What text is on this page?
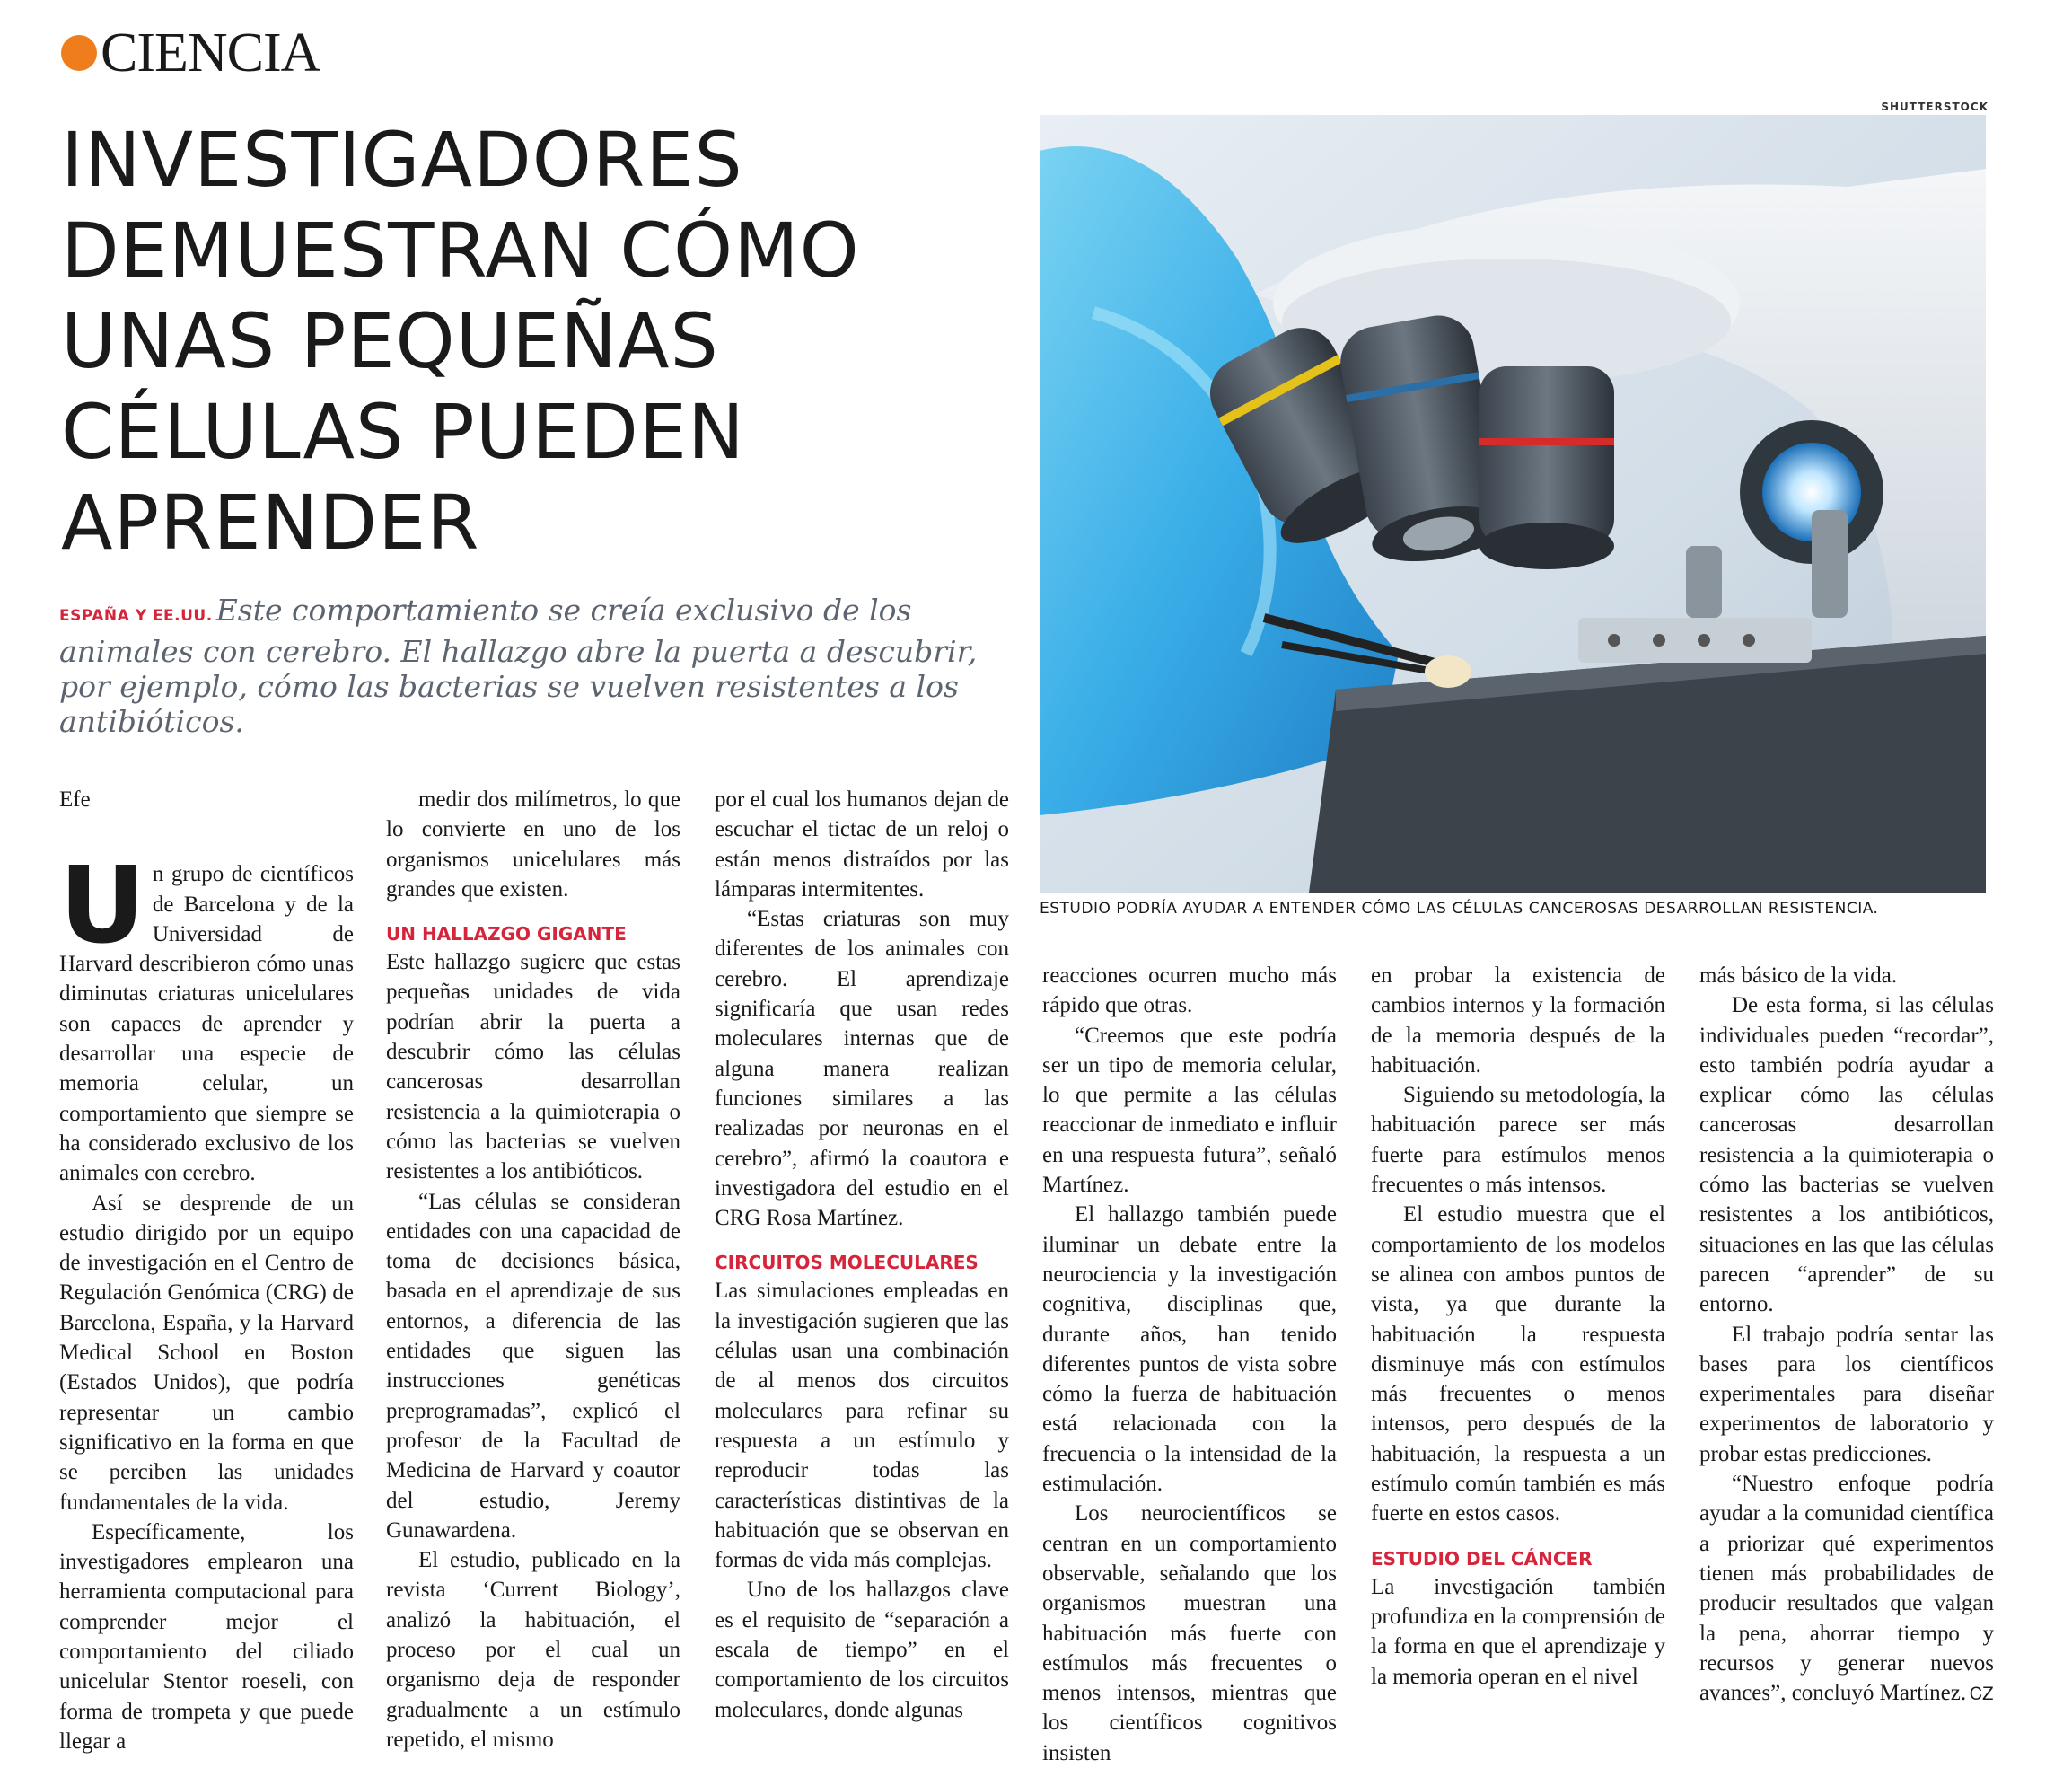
CIENCIA
INVESTIGADORES
DEMUESTRAN CÓMO
UNAS PEQUEÑAS
CÉLULAS PUEDEN
APRENDER
SHUTTERSTOCK
ESTUDIO PODRÍA AYUDAR A ENTENDER CÓMO LAS CÉLULAS CANCEROSAS DESARROLLAN RESISTENCIA.
ESPAÑA Y EE.UU. Este comportamiento se creía exclusivo de los animales con cerebro. El hallazgo abre la puerta a descubrir, por ejemplo, cómo las bacterias se vuelven resistentes a los antibióticos.

Efe

Un grupo de científicos de Barcelona y de la Universidad de Harvard describieron cómo unas diminutas criaturas unicelulares son capaces de aprender y desarrollar una especie de memoria celular, un comportamiento que siempre se ha considerado exclusivo de los animales con cerebro.

Así se desprende de un estudio dirigido por un equipo de investigación en el Centro de Regulación Genómica (CRG) de Barcelona, España, y la Harvard Medical School en Boston (Estados Unidos), que podría representar un cambio significativo en la forma en que se perciben las unidades fundamentales de la vida.

Específicamente, los investigadores emplearon una herramienta computacional para comprender mejor el comportamiento del ciliado unicelular Stentor roeseli, con forma de trompeta y que puede llegar a

medir dos milímetros, lo que lo convierte en uno de los organismos unicelulares más grandes que existen.

UN HALLAZGO GIGANTE

Este hallazgo sugiere que estas pequeñas unidades de vida podrían abrir la puerta a descubrir cómo las células cancerosas desarrollan resistencia a la quimioterapia o cómo las bacterias se vuelven resistentes a los antibióticos.

“Las células se consideran entidades con una capacidad de toma de decisiones básica, basada en el aprendizaje de sus entornos, a diferencia de las entidades que siguen las instrucciones genéticas preprogramadas”, explicó el profesor de la Facultad de Medicina de Harvard y coautor del estudio, Jeremy Gunawardena.

El estudio, publicado en la revista ‘Current Biology’, analizó la habituación, el proceso por el cual un organismo deja de responder gradualmente a un estímulo repetido, el mismo

por el cual los humanos dejan de escuchar el tictac de un reloj o están menos distraídos por las lámparas intermitentes.

“Estas criaturas son muy diferentes de los animales con cerebro. El aprendizaje significaría que usan redes moleculares internas que de alguna manera realizan funciones similares a las realizadas por neuronas en el cerebro”, afirmó la coautora e investigadora del estudio en el CRG Rosa Martínez.

CIRCUITOS MOLECULARES

Las simulaciones empleadas en la investigación sugieren que las células usan una combinación de al menos dos circuitos moleculares para refinar su respuesta a un estímulo y reproducir todas las características distintivas de la habituación que se observan en formas de vida más complejas.

Uno de los hallazgos clave es el requisito de “separación a escala de tiempo” en el comportamiento de los circuitos moleculares, donde algunas

reacciones ocurren mucho más rápido que otras.

“Creemos que este podría ser un tipo de memoria celular, lo que permite a las células reaccionar de inmediato e influir en una respuesta futura”, señaló Martínez.

El hallazgo también puede iluminar un debate entre la neurociencia y la investigación cognitiva, disciplinas que, durante años, han tenido diferentes puntos de vista sobre cómo la fuerza de habituación está relacionada con la frecuencia o la intensidad de la estimulación.

Los neurocientíficos se centran en un comportamiento observable, señalando que los organismos muestran una habituación más fuerte con estímulos más frecuentes o menos intensos, mientras que los científicos cognitivos insisten

en probar la existencia de cambios internos y la formación de la memoria después de la habituación.

Siguiendo su metodología, la habituación parece ser más fuerte para estímulos menos frecuentes o más intensos.

El estudio muestra que el comportamiento de los modelos se alinea con ambos puntos de vista, ya que durante la habituación la respuesta disminuye más con estímulos más frecuentes o menos intensos, pero después de la habituación, la respuesta a un estímulo común también es más fuerte en estos casos.

ESTUDIO DEL CÁNCER

La investigación también profundiza en la comprensión de la forma en que el aprendizaje y la memoria operan en el nivel

más básico de la vida.

De esta forma, si las células individuales pueden “recordar”, esto también podría ayudar a explicar cómo las células cancerosas desarrollan resistencia a la quimioterapia o cómo las bacterias se vuelven resistentes a los antibióticos, situaciones en las que las células parecen “aprender” de su entorno.

El trabajo podría sentar las bases para los científicos experimentales para diseñar experimentos de laboratorio y probar estas predicciones.

“Nuestro enfoque podría ayudar a la comunidad científica a priorizar qué experimentos tienen más probabilidades de producir resultados que valgan la pena, ahorrar tiempo y recursos y generar nuevos avances”, concluyó Martínez. ᏟᏃ
